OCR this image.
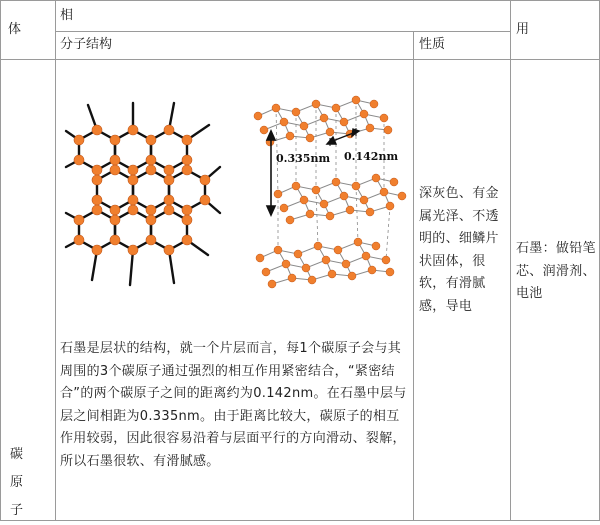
体
相
分子结构	性质
用
碳
原
子
0.335nm 0.142nm
石墨是层状的结构，就一个片层而言，每1个碳原子会与其周围的3个碳原子通过强烈的相互作用紧密结合，“紧密结合”的两个碳原子之间的距离约为0.142nm。在石墨中层与层之间相距为0.335nm。由于距离比较大，碳原子的相互作用较弱，因此很容易沿着与层面平行的方向滑动、裂解，所以石墨很软、有滑腻感。
深灰色、有金属光泽、不透明的、细鳞片状固体，很软，有滑腻感，导电
石墨：做铅笔芯、润滑剂、电池
